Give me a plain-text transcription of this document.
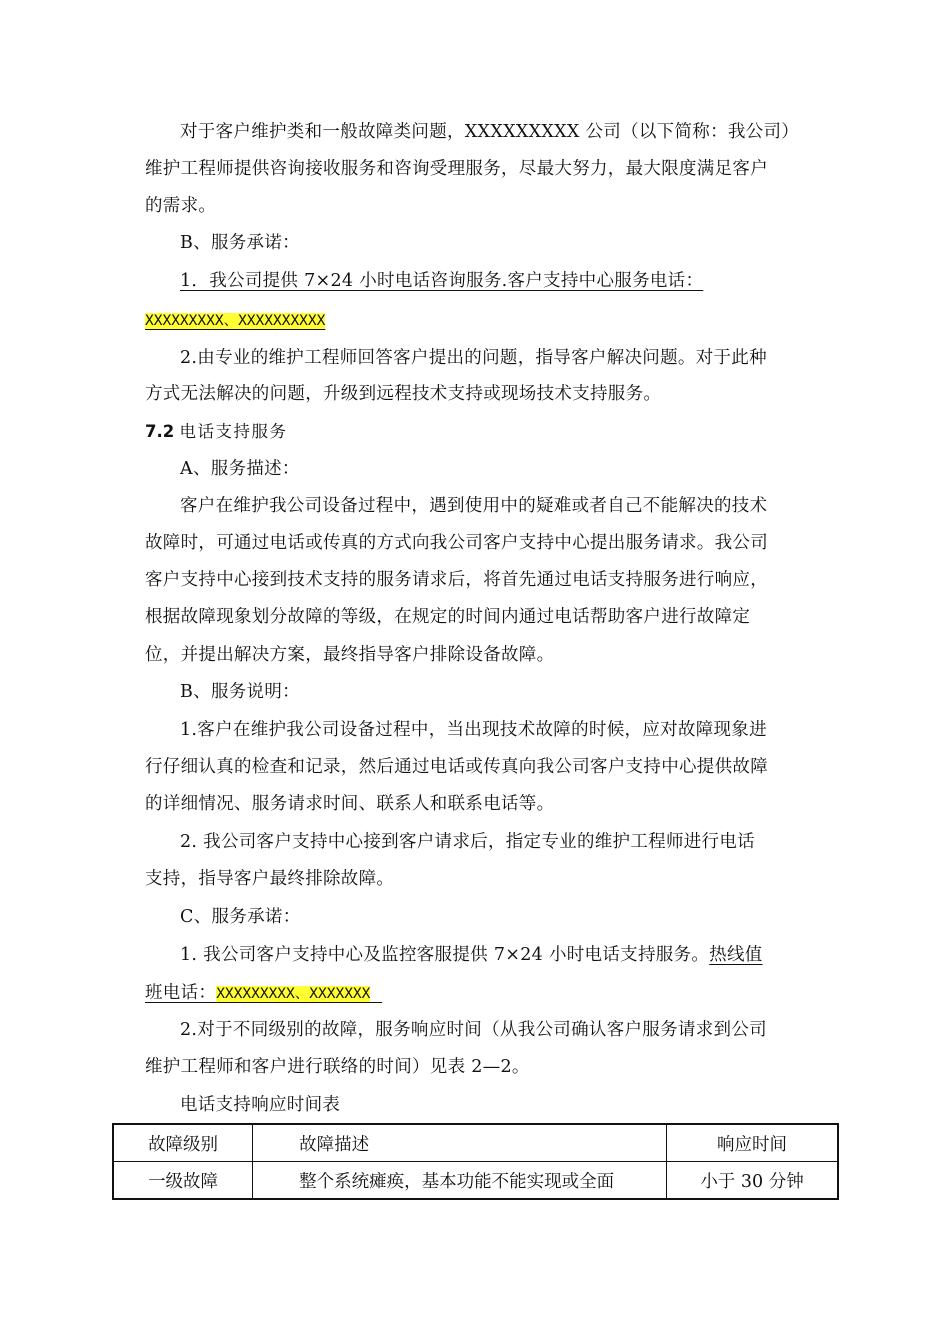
对于客户维护类和一般故障类问题，XXXXXXXXX 公司（以下简称：我公司）
维护工程师提供咨询接收服务和咨询受理服务，尽最大努力，最大限度满足客户
的需求。
B、服务承诺：
1．我公司提供 7×24 小时电话咨询服务.客户支持中心服务电话：
XXXXXXXXX、XXXXXXXXXX
2.由专业的维护工程师回答客户提出的问题，指导客户解决问题。对于此种
方式无法解决的问题，升级到远程技术支持或现场技术支持服务。
7.2 电话支持服务
A、服务描述：
客户在维护我公司设备过程中，遇到使用中的疑难或者自己不能解决的技术
故障时，可通过电话或传真的方式向我公司客户支持中心提出服务请求。我公司
客户支持中心接到技术支持的服务请求后，将首先通过电话支持服务进行响应，
根据故障现象划分故障的等级，在规定的时间内通过电话帮助客户进行故障定
位，并提出解决方案，最终指导客户排除设备故障。
B、服务说明：
1.客户在维护我公司设备过程中，当出现技术故障的时候，应对故障现象进
行仔细认真的检查和记录，然后通过电话或传真向我公司客户支持中心提供故障
的详细情况、服务请求时间、联系人和联系电话等。
2. 我公司客户支持中心接到客户请求后，指定专业的维护工程师进行电话
支持，指导客户最终排除故障。
C、服务承诺：
1. 我公司客户支持中心及监控客服提供 7×24 小时电话支持服务。热线值
班电话：XXXXXXXXX、XXXXXXX
2.对于不同级别的故障，服务响应时间（从我公司确认客户服务请求到公司
维护工程师和客户进行联络的时间）见表 2—2。
电话支持响应时间表
故障级别	故障描述	响应时间
一级故障	整个系统瘫痪，基本功能不能实现或全面	小于 30 分钟
